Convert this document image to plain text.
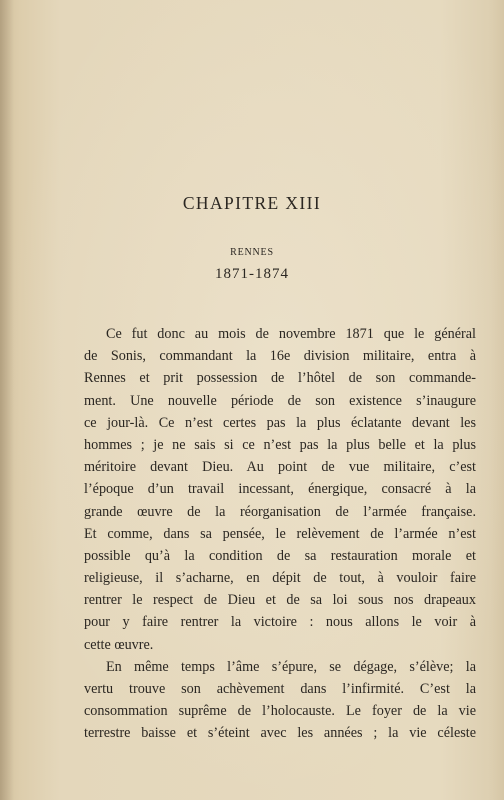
CHAPITRE XIII
RENNES
1871-1874
Ce fut donc au mois de novembre 1871 que le général
de Sonis, commandant la 16e division militaire, entra à
Rennes et prit possession de l’hôtel de son commande-
ment. Une nouvelle période de son existence s’inaugure
ce jour-là. Ce n’est certes pas la plus éclatante devant les
hommes ; je ne sais si ce n’est pas la plus belle et la plus
méritoire devant Dieu. Au point de vue militaire, c’est
l’époque d’un travail incessant, énergique, consacré à la
grande œuvre de la réorganisation de l’armée française.
Et comme, dans sa pensée, le relèvement de l’armée n’est
possible qu’à la condition de sa restauration morale et
religieuse, il s’acharne, en dépit de tout, à vouloir faire
rentrer le respect de Dieu et de sa loi sous nos drapeaux
pour y faire rentrer la victoire : nous allons le voir à
cette œuvre.
En même temps l’âme s’épure, se dégage, s’élève; la
vertu trouve son achèvement dans l’infirmité. C’est la
consommation suprême de l’holocauste. Le foyer de la vie
terrestre baisse et s’éteint avec les années ; la vie céleste
